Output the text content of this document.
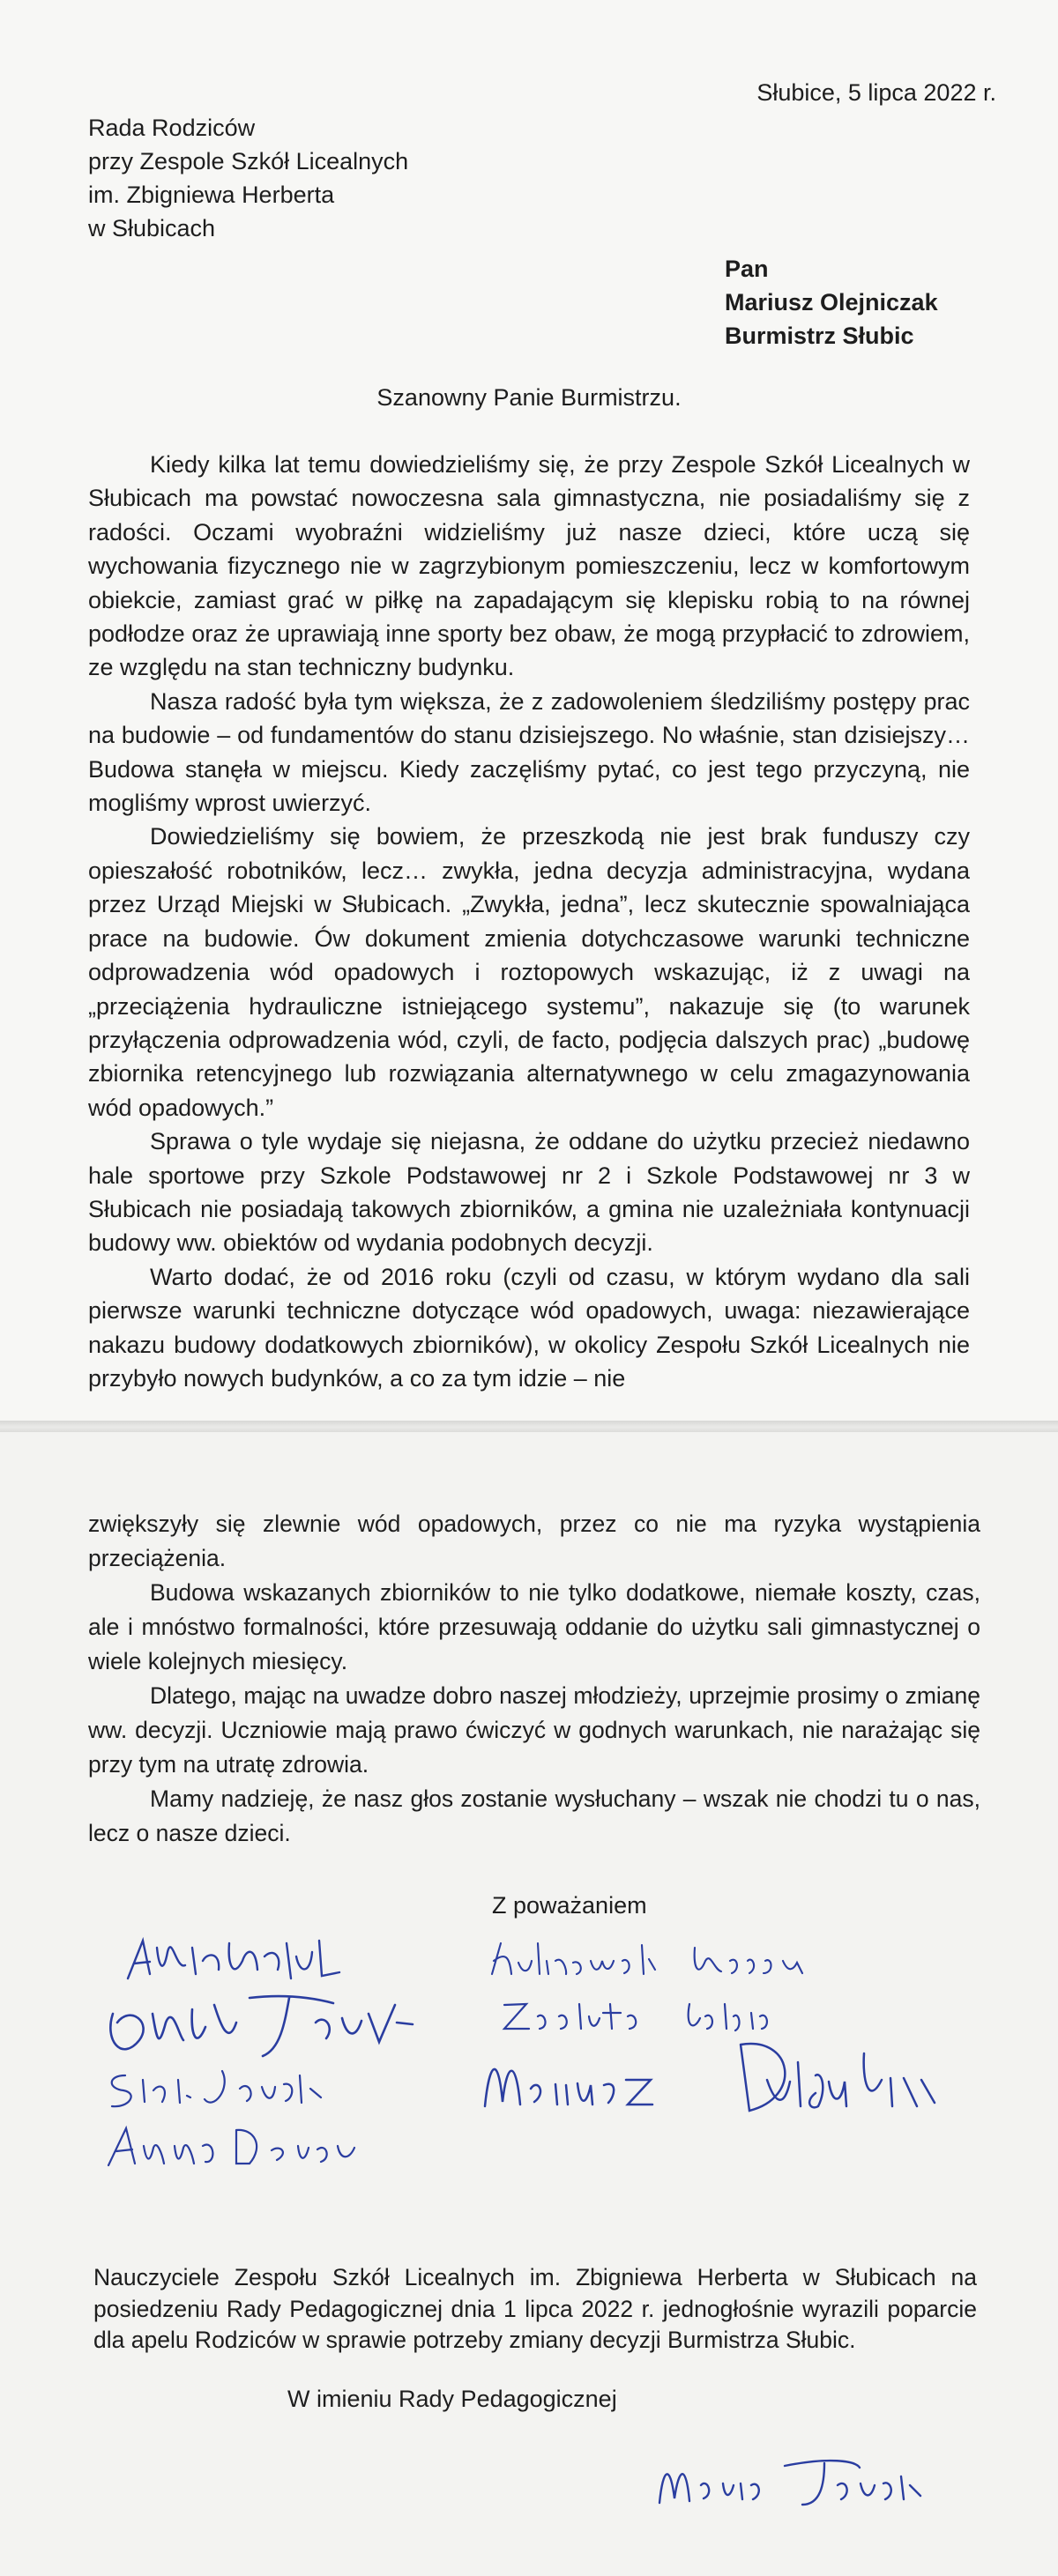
Słubice, 5 lipca 2022 r.
Rada Rodziców
przy Zespole Szkół Licealnych
im. Zbigniewa Herberta
w Słubicach
Pan
Mariusz Olejniczak
Burmistrz Słubic
Szanowny Panie Burmistrzu.

Kiedy kilka lat temu dowiedzieliśmy się, że przy Zespole Szkół Licealnych w Słubicach ma powstać nowoczesna sala gimnastyczna, nie posiadaliśmy się z radości. Oczami wyobraźni widzieliśmy już nasze dzieci, które uczą się wychowania fizycznego nie w zagrzybionym pomieszczeniu, lecz w komfortowym obiekcie, zamiast grać w piłkę na zapadającym się klepisku robią to na równej podłodze oraz że uprawiają inne sporty bez obaw, że mogą przypłacić to zdrowiem, ze względu na stan techniczny budynku.

Nasza radość była tym większa, że z zadowoleniem śledziliśmy postępy prac na budowie – od fundamentów do stanu dzisiejszego. No właśnie, stan dzisiejszy… Budowa stanęła w miejscu. Kiedy zaczęliśmy pytać, co jest tego przyczyną, nie mogliśmy wprost uwierzyć.

Dowiedzieliśmy się bowiem, że przeszkodą nie jest brak funduszy czy opieszałość robotników, lecz… zwykła, jedna decyzja administracyjna, wydana przez Urząd Miejski w Słubicach. „Zwykła, jedna”, lecz skutecznie spowalniająca prace na budowie. Ów dokument zmienia dotychczasowe warunki techniczne odprowadzenia wód opadowych i roztopowych wskazując, iż z uwagi na „przeciążenia hydrauliczne istniejącego systemu”, nakazuje się (to warunek przyłączenia odprowadzenia wód, czyli, de facto, podjęcia dalszych prac) „budowę zbiornika retencyjnego lub rozwiązania alternatywnego w celu zmagazynowania wód opadowych.”

Sprawa o tyle wydaje się niejasna, że oddane do użytku przecież niedawno hale sportowe przy Szkole Podstawowej nr 2 i Szkole Podstawowej nr 3 w Słubicach nie posiadają takowych zbiorników, a gmina nie uzależniała kontynuacji budowy ww. obiektów od wydania podobnych decyzji.

Warto dodać, że od 2016 roku (czyli od czasu, w którym wydano dla sali pierwsze warunki techniczne dotyczące wód opadowych, uwaga: niezawierające nakazu budowy dodatkowych zbiorników), w okolicy Zespołu Szkół Licealnych nie przybyło nowych budynków, a co za tym idzie – nie

zwiększyły się zlewnie wód opadowych, przez co nie ma ryzyka wystąpienia przeciążenia.

Budowa wskazanych zbiorników to nie tylko dodatkowe, niemałe koszty, czas, ale i mnóstwo formalności, które przesuwają oddanie do użytku sali gimnastycznej o wiele kolejnych miesięcy.

Dlatego, mając na uwadze dobro naszej młodzieży, uprzejmie prosimy o zmianę ww. decyzji. Uczniowie mają prawo ćwiczyć w godnych warunkach, nie narażając się przy tym na utratę zdrowia.

Mamy nadzieję, że nasz głos zostanie wysłuchany – wszak nie chodzi tu o nas, lecz o nasze dzieci.

Z poważaniem
Nauczyciele Zespołu Szkół Licealnych im. Zbigniewa Herberta w Słubicach na posiedzeniu Rady Pedagogicznej dnia 1 lipca 2022 r. jednogłośnie wyrazili poparcie dla apelu Rodziców w sprawie potrzeby zmiany decyzji Burmistrza Słubic.
W imieniu Rady Pedagogicznej
